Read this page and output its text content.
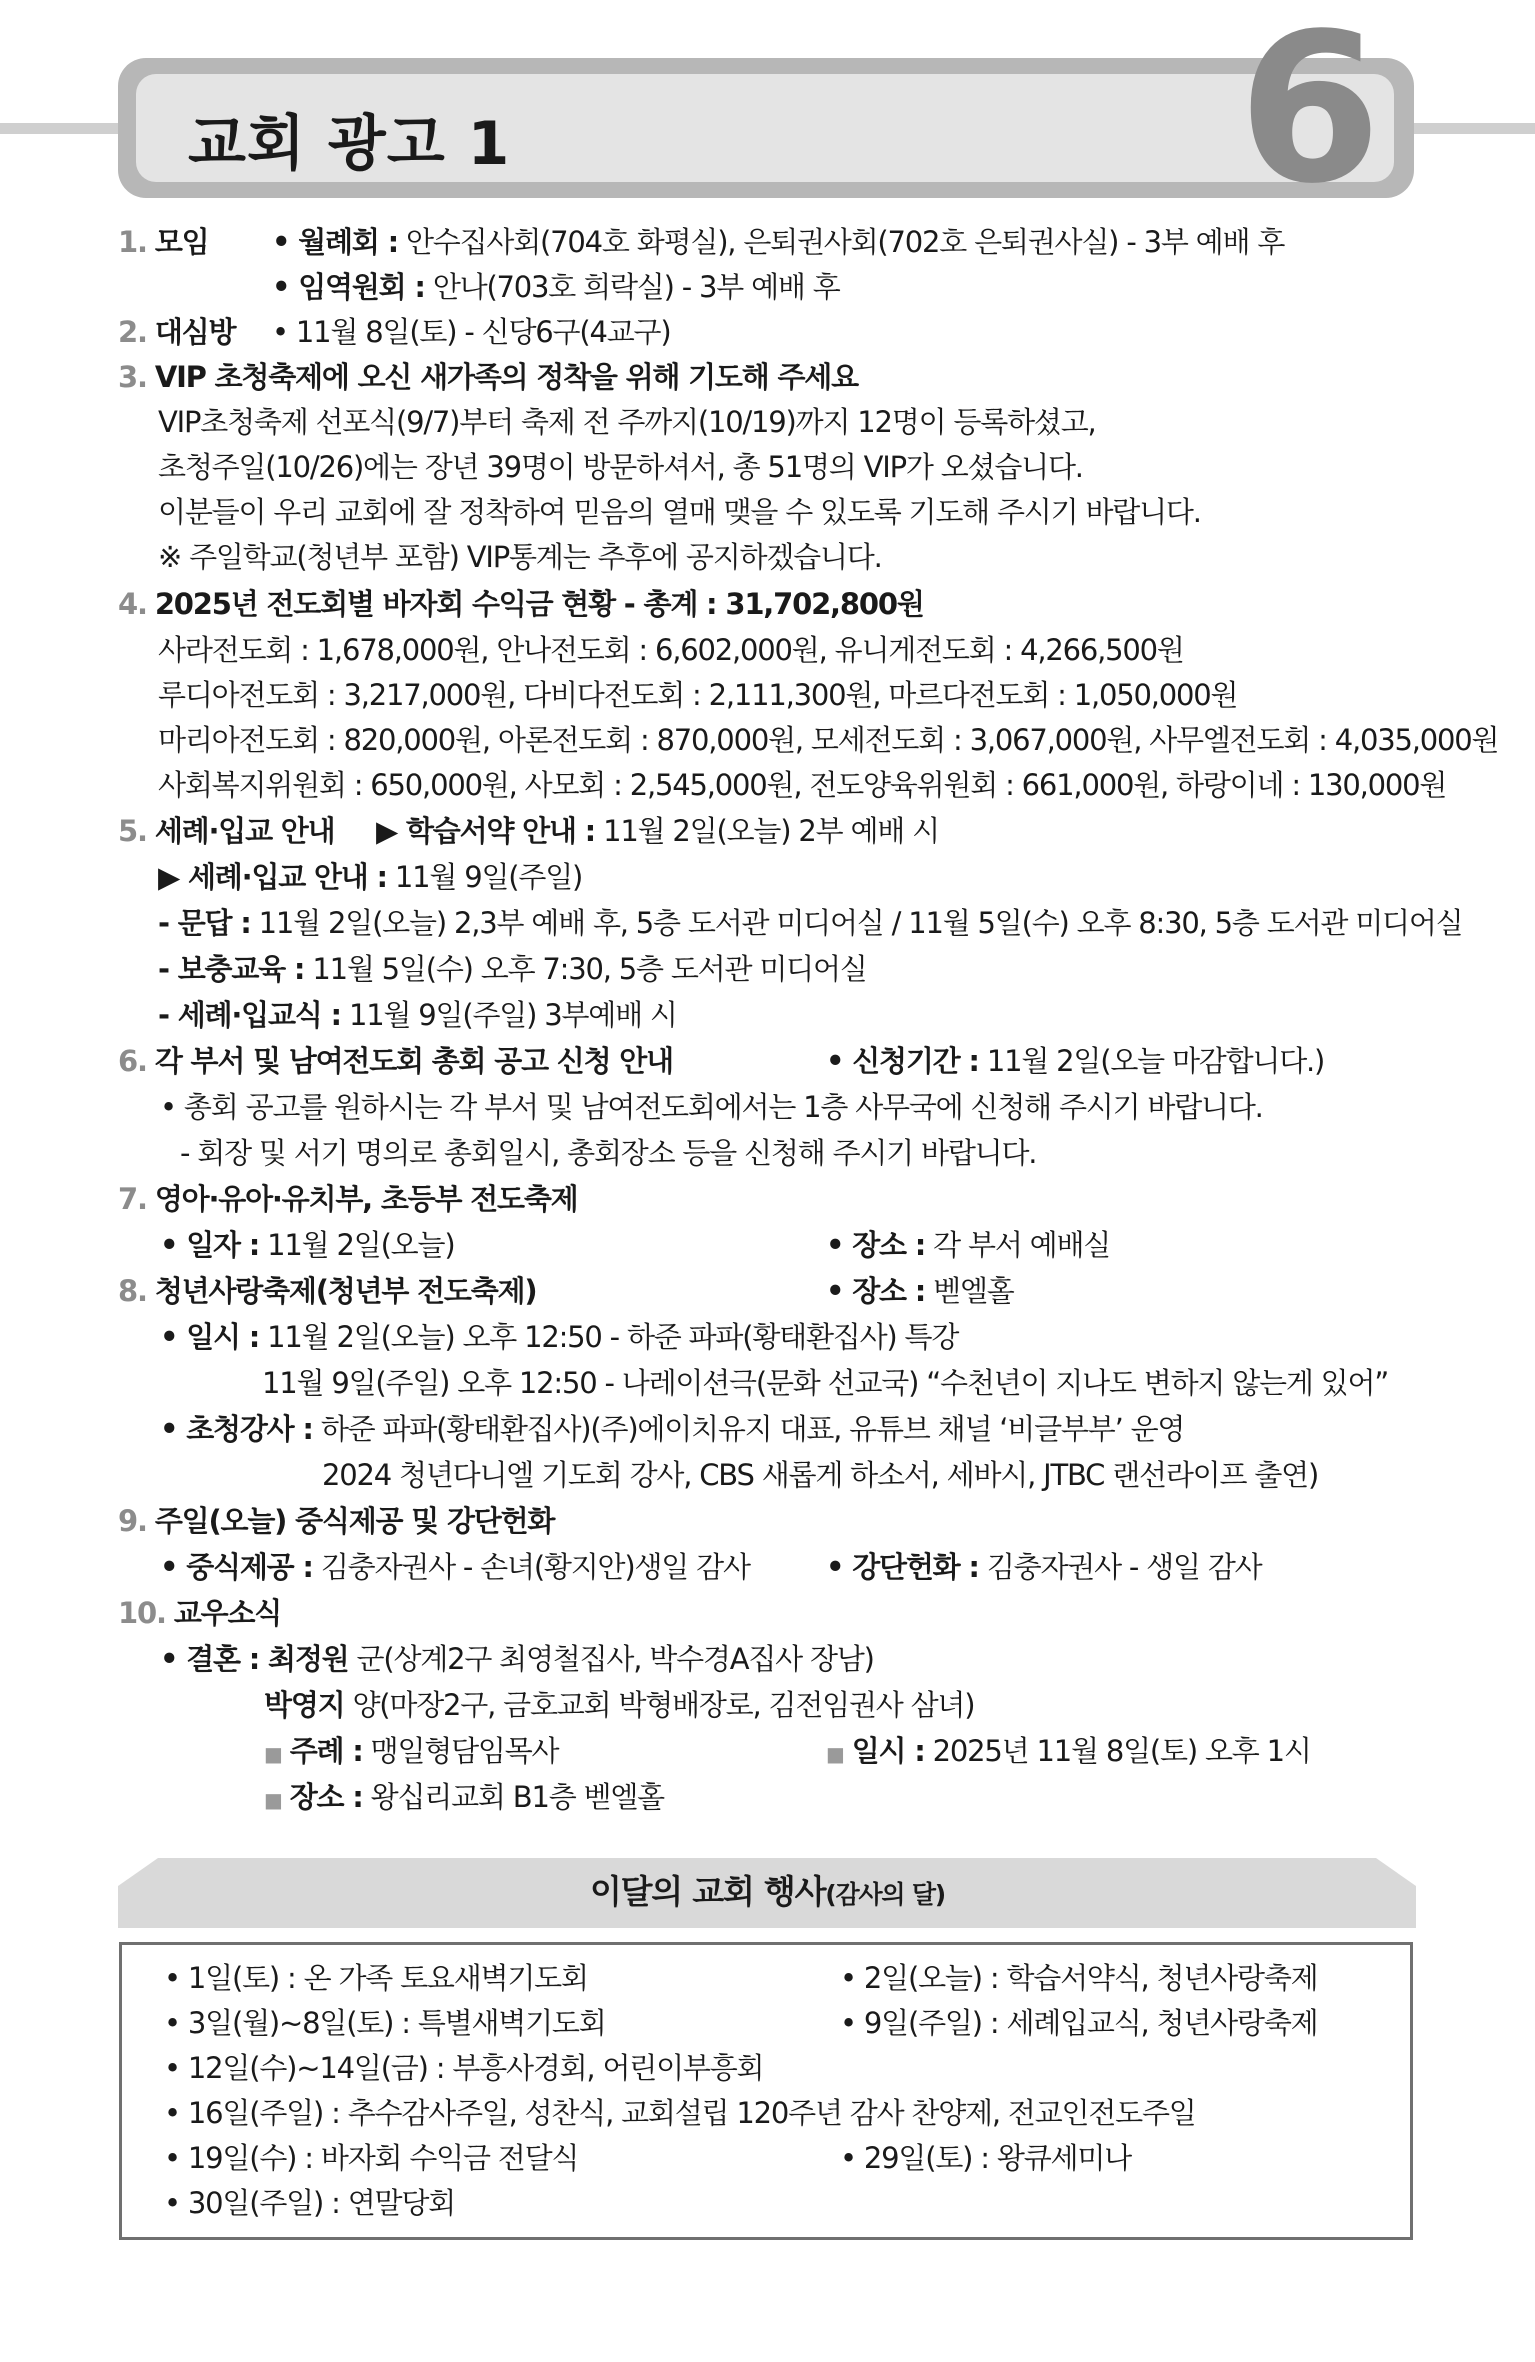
교회 광고 1	6
1. 모임 • 월례회 : 안수집사회(704호 화평실), 은퇴권사회(702호 은퇴권사실) - 3부 예배 후
• 임역원회 : 안나(703호 희락실) - 3부 예배 후
2. 대심방 • 11월 8일(토) - 신당6구(4교구)
3. VIP 초청축제에 오신 새가족의 정착을 위해 기도해 주세요
VIP초청축제 선포식(9/7)부터 축제 전 주까지(10/19)까지 12명이 등록하셨고,
초청주일(10/26)에는 장년 39명이 방문하셔서, 총 51명의 VIP가 오셨습니다.
이분들이 우리 교회에 잘 정착하여 믿음의 열매 맺을 수 있도록 기도해 주시기 바랍니다.
※ 주일학교(청년부 포함) VIP통계는 추후에 공지하겠습니다.
4. 2025년 전도회별 바자회 수익금 현황 - 총계 : 31,702,800원
사라전도회 : 1,678,000원, 안나전도회 : 6,602,000원, 유니게전도회 : 4,266,500원
루디아전도회 : 3,217,000원, 다비다전도회 : 2,111,300원, 마르다전도회 : 1,050,000원
마리아전도회 : 820,000원, 아론전도회 : 870,000원, 모세전도회 : 3,067,000원, 사무엘전도회 : 4,035,000원
사회복지위원회 : 650,000원, 사모회 : 2,545,000원, 전도양육위원회 : 661,000원, 하랑이네 : 130,000원
5. 세례·입교 안내 ▶ 학습서약 안내 : 11월 2일(오늘) 2부 예배 시
▶ 세례·입교 안내 : 11월 9일(주일)
- 문답 : 11월 2일(오늘) 2,3부 예배 후, 5층 도서관 미디어실 / 11월 5일(수) 오후 8:30, 5층 도서관 미디어실
- 보충교육 : 11월 5일(수) 오후 7:30, 5층 도서관 미디어실
- 세례·입교식 : 11월 9일(주일) 3부예배 시
6. 각 부서 및 남여전도회 총회 공고 신청 안내	• 신청기간 : 11월 2일(오늘 마감합니다.)
• 총회 공고를 원하시는 각 부서 및 남여전도회에서는 1층 사무국에 신청해 주시기 바랍니다.
- 회장 및 서기 명의로 총회일시, 총회장소 등을 신청해 주시기 바랍니다.
7. 영아·유아·유치부, 초등부 전도축제
• 일자 : 11월 2일(오늘)	• 장소 : 각 부서 예배실
8. 청년사랑축제(청년부 전도축제)	• 장소 : 벧엘홀
• 일시 : 11월 2일(오늘) 오후 12:50 - 하준 파파(황태환집사) 특강
11월 9일(주일) 오후 12:50 - 나레이션극(문화 선교국) “수천년이 지나도 변하지 않는게 있어”
• 초청강사 : 하준 파파(황태환집사)(주)에이치유지 대표, 유튜브 채널 ‘비글부부’ 운영
2024 청년다니엘 기도회 강사, CBS 새롭게 하소서, 세바시, JTBC 랜선라이프 출연)
9. 주일(오늘) 중식제공 및 강단헌화
• 중식제공 : 김충자권사 - 손녀(황지안)생일 감사	• 강단헌화 : 김충자권사 - 생일 감사
10. 교우소식
• 결혼 : 최정원 군(상계2구 최영철집사, 박수경A집사 장남)
박영지 양(마장2구, 금호교회 박형배장로, 김전임권사 삼녀)
■ 주례 : 맹일형담임목사	■ 일시 : 2025년 11월 8일(토) 오후 1시
■ 장소 : 왕십리교회 B1층 벧엘홀
이달의 교회 행사(감사의 달)
• 1일(토) : 온 가족 토요새벽기도회	• 2일(오늘) : 학습서약식, 청년사랑축제
• 3일(월)~8일(토) : 특별새벽기도회	• 9일(주일) : 세례입교식, 청년사랑축제
• 12일(수)~14일(금) : 부흥사경회, 어린이부흥회
• 16일(주일) : 추수감사주일, 성찬식, 교회설립 120주년 감사 찬양제, 전교인전도주일
• 19일(수) : 바자회 수익금 전달식	• 29일(토) : 왕큐세미나
• 30일(주일) : 연말당회
